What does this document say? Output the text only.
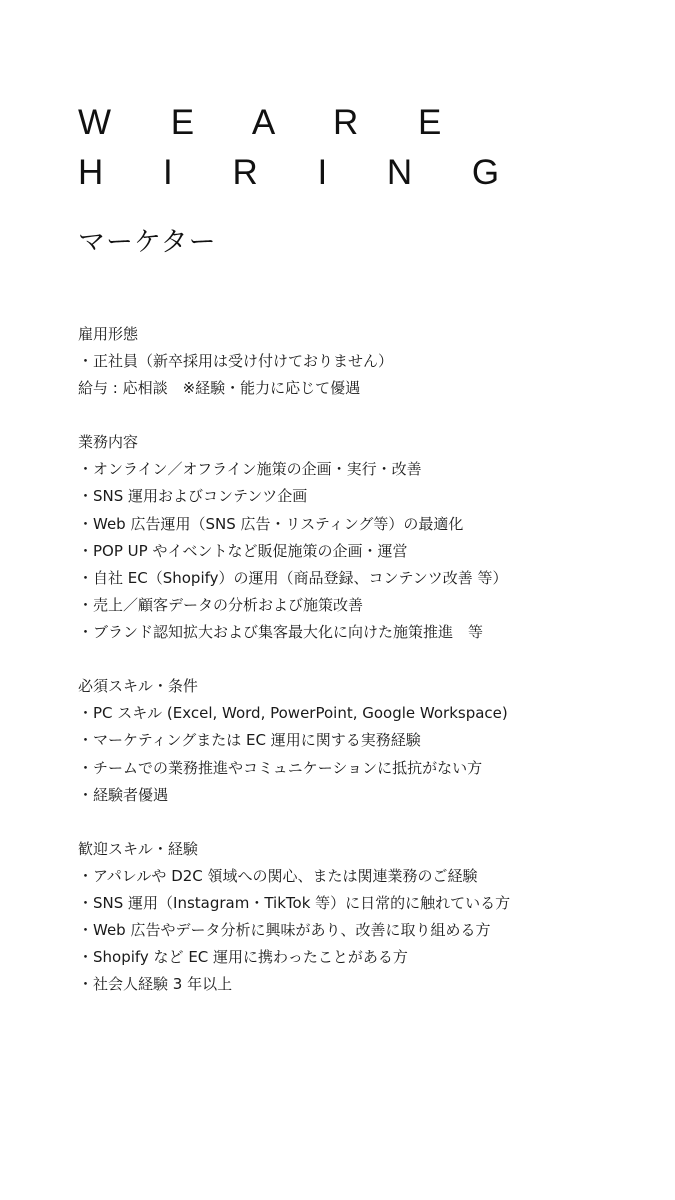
W E A R E
H I R I N G
マーケター
雇用形態
・正社員（新卒採用は受け付けておりません）
給与 : 応相談　※経験・能力に応じて優遇
業務内容
・オンライン／オフライン施策の企画・実行・改善
・SNS 運用およびコンテンツ企画
・Web 広告運用（SNS 広告・リスティング等）の最適化
・POP UP やイベントなど販促施策の企画・運営
・自社 EC（Shopify）の運用（商品登録、コンテンツ改善 等）
・売上／顧客データの分析および施策改善
・ブランド認知拡大および集客最大化に向けた施策推進　等
必須スキル・条件
・PC スキル (Excel, Word, PowerPoint, Google Workspace)
・マーケティングまたは EC 運用に関する実務経験
・チームでの業務推進やコミュニケーションに抵抗がない方
・経験者優遇
歓迎スキル・経験
・アパレルや D2C 領域への関心、または関連業務のご経験
・SNS 運用（Instagram・TikTok 等）に日常的に触れている方
・Web 広告やデータ分析に興味があり、改善に取り組める方
・Shopify など EC 運用に携わったことがある方
・社会人経験 3 年以上
